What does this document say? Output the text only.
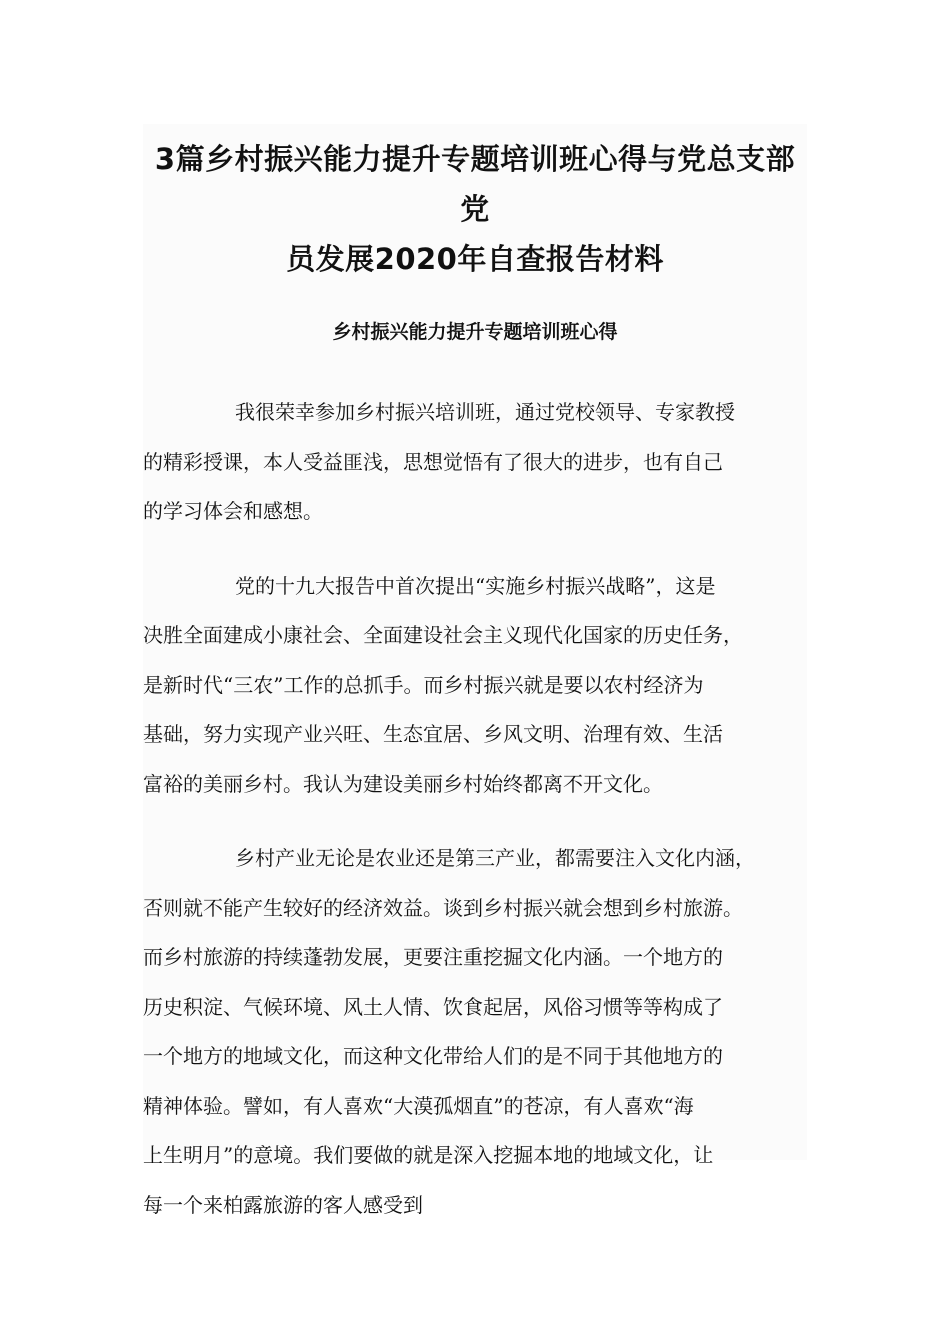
3篇乡村振兴能力提升专题培训班心得与党总支部党
员发展2020年自查报告材料
乡村振兴能力提升专题培训班心得
我很荣幸参加乡村振兴培训班，通过党校领导、专家教授
的精彩授课，本人受益匪浅，思想觉悟有了很大的进步，也有自己
的学习体会和感想。
党的十九大报告中首次提出“实施乡村振兴战略”，这是
决胜全面建成小康社会、全面建设社会主义现代化国家的历史任务，
是新时代“三农”工作的总抓手。而乡村振兴就是要以农村经济为
基础，努力实现产业兴旺、生态宜居、乡风文明、治理有效、生活
富裕的美丽乡村。我认为建设美丽乡村始终都离不开文化。
乡村产业无论是农业还是第三产业，都需要注入文化内涵，
否则就不能产生较好的经济效益。谈到乡村振兴就会想到乡村旅游。
而乡村旅游的持续蓬勃发展，更要注重挖掘文化内涵。一个地方的
历史积淀、气候环境、风土人情、饮食起居，风俗习惯等等构成了
一个地方的地域文化，而这种文化带给人们的是不同于其他地方的
精神体验。譬如，有人喜欢“大漠孤烟直”的苍凉，有人喜欢“海
上生明月”的意境。我们要做的就是深入挖掘本地的地域文化，让
每一个来柏露旅游的客人感受到
